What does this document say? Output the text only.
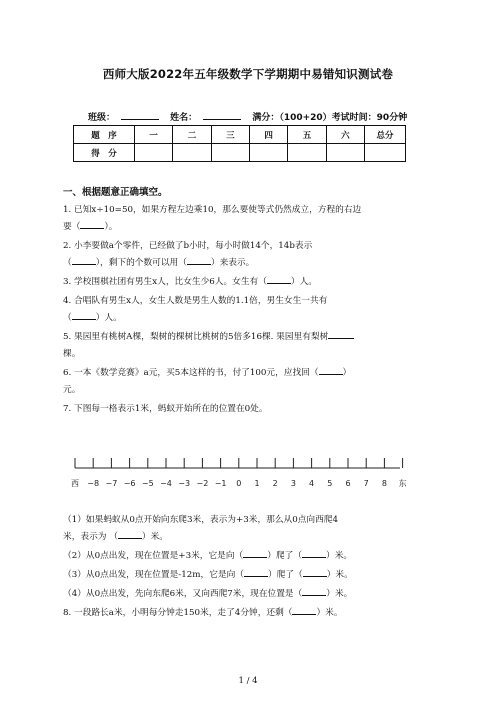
西师大版2022年五年级数学下学期期中易错知识测试卷
班级：	姓名：	满分：（100+20）考试时间：90分钟
题　序	一	二	三	四	五	六	总分
得　分							
一、根据题意正确填空。
1. 已知x÷10=50，如果方程左边乘10，那么要使等式仍然成立，方程的右边
要（	）。
2. 小李要做a个零件，已经做了b小时，每小时做14个，14b表示
（	），剩下的个数可以用（	）来表示。
3. 学校围棋社团有男生x人，比女生少6人。女生有（	）人。
4. 合唱队有男生x人，女生人数是男生人数的1.1倍，男生女生一共有
（	）人。
5. 果园里有桃树A棵，梨树的棵树比桃树的5倍多16棵. 果园里有梨树
棵。
6. 一本《数学竞赛》a元，买5本这样的书，付了100元，应找回（	）
元。
7. 下图每一格表示1米，蚂蚁开始所在的位置在0处。
西 −8 −7 −6 −5 −4 −3 −2 −1 0 1 2 3 4 5 6 7 8 东
（1）如果蚂蚁从0点开始向东爬3米，表示为+3米，那么从0点向西爬4
米，表示为 （	）米。
（2）从0点出发，现在位置是+3米，它是向（	）爬了（	）米。
（3）从0点出发，现在位置是-12m，它是向（	）爬了（	）米。
（4）从0点出发，先向东爬6米，又向西爬7米，现在位置是（	）米。
8. 一段路长a米，小明每分钟走150米，走了4分钟，还剩（	）米。
1 / 4
